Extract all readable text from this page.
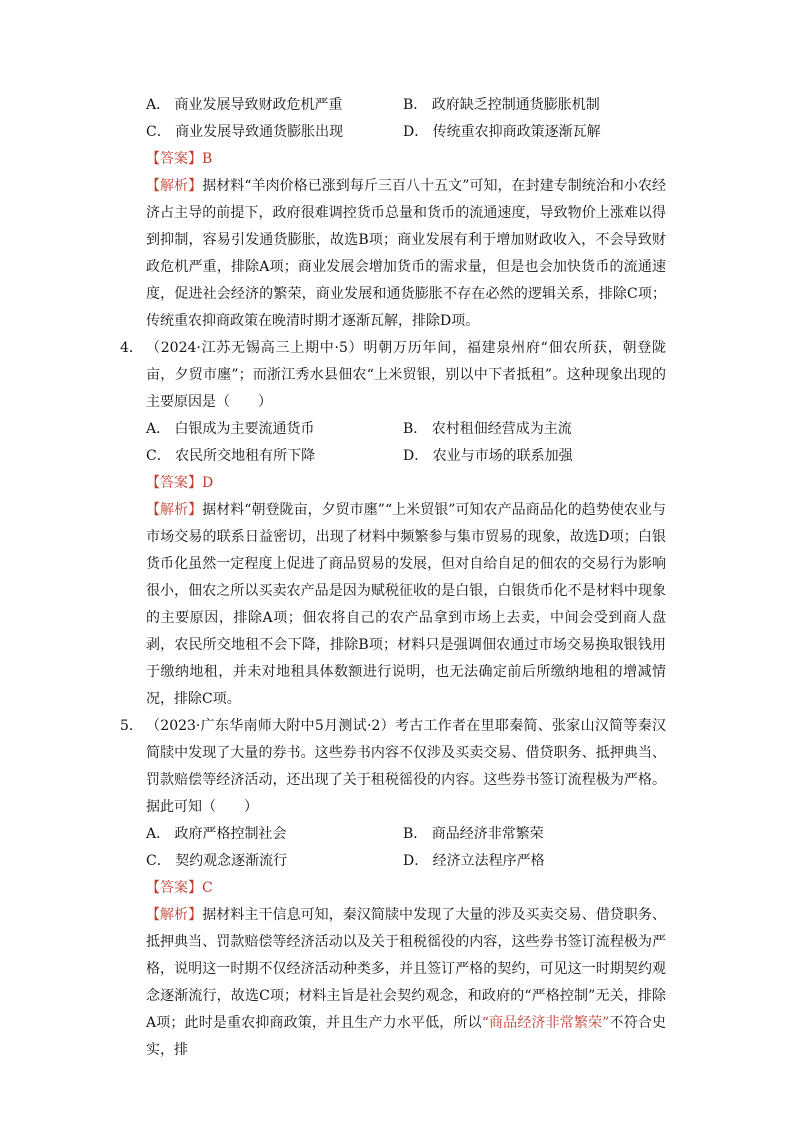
A． 商业发展导致财政危机严重	B． 政府缺乏控制通货膨胀机制
C． 商业发展导致通货膨胀出现	D． 传统重农抑商政策逐渐瓦解
【答案】B
【解析】据材料“羊肉价格已涨到每斤三百八十五文”可知，在封建专制统治和小农经济占主导的前提下，政府很难调控货币总量和货币的流通速度，导致物价上涨难以得到抑制，容易引发通货膨胀，故选B项；商业发展有利于增加财政收入，不会导致财政危机严重，排除A项；商业发展会增加货币的需求量，但是也会加快货币的流通速度，促进社会经济的繁荣，商业发展和通货膨胀不存在必然的逻辑关系，排除C项；传统重农抑商政策在晚清时期才逐渐瓦解，排除D项。
4． （2024·江苏无锡高三上期中·5）明朝万历年间，福建泉州府“佃农所获，朝登陇亩，夕贸市廛”；而浙江秀水县佃农“上米贸银，别以中下者抵租”。这种现象出现的主要原因是（　　）
A． 白银成为主要流通货币	B． 农村租佃经营成为主流
C． 农民所交地租有所下降	D． 农业与市场的联系加强
【答案】D
【解析】据材料“朝登陇亩，夕贸市廛”“上米贸银”可知农产品商品化的趋势使农业与市场交易的联系日益密切，出现了材料中频繁参与集市贸易的现象，故选D项；白银货币化虽然一定程度上促进了商品贸易的发展，但对自给自足的佃农的交易行为影响很小，佃农之所以买卖农产品是因为赋税征收的是白银，白银货币化不是材料中现象的主要原因，排除A项；佃农将自己的农产品拿到市场上去卖，中间会受到商人盘剥，农民所交地租不会下降，排除B项；材料只是强调佃农通过市场交易换取银钱用于缴纳地租，并未对地租具体数额进行说明，也无法确定前后所缴纳地租的增减情况，排除C项。
5． （2023·广东华南师大附中5月测试·2）考古工作者在里耶秦简、张家山汉简等秦汉简牍中发现了大量的券书。这些券书内容不仅涉及买卖交易、借贷职务、抵押典当、罚款赔偿等经济活动，还出现了关于租税徭役的内容。这些券书签订流程极为严格。据此可知（　　）
A． 政府严格控制社会	B． 商品经济非常繁荣
C． 契约观念逐渐流行	D． 经济立法程序严格
【答案】C
【解析】据材料主干信息可知，秦汉简牍中发现了大量的涉及买卖交易、借贷职务、抵押典当、罚款赔偿等经济活动以及关于租税徭役的内容，这些券书签订流程极为严格，说明这一时期不仅经济活动种类多，并且签订严格的契约，可见这一时期契约观念逐渐流行，故选C项；材料主旨是社会契约观念，和政府的“严格控制”无关，排除A项；此时是重农抑商政策，并且生产力水平低，所以“商品经济非常繁荣”不符合史实，排
